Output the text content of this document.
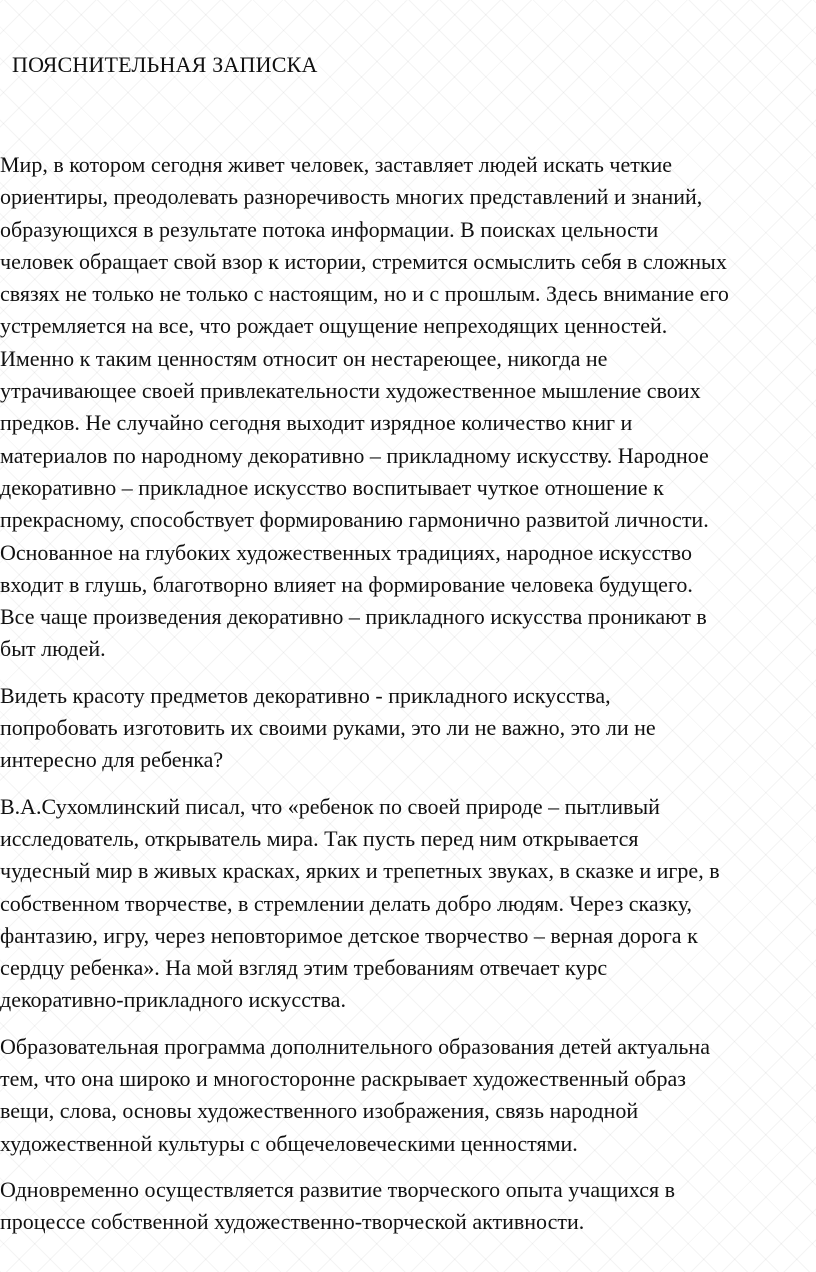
ПОЯСНИТЕЛЬНАЯ ЗАПИСКА

Мир, в котором сегодня живет человек, заставляет людей искать четкие
ориентиры, преодолевать разноречивость многих представлений и знаний,
образующихся в результате потока информации. В поисках цельности
человек обращает свой взор к истории, стремится осмыслить себя в сложных
связях не только не только с настоящим, но и с прошлым. Здесь внимание его
устремляется на все, что рождает ощущение непреходящих ценностей.
Именно к таким ценностям относит он нестареющее, никогда не
утрачивающее своей привлекательности художественное мышление своих
предков. Не случайно сегодня выходит изрядное количество книг и
материалов по народному декоративно – прикладному искусству. Народное
декоративно – прикладное искусство воспитывает чуткое отношение к
прекрасному, способствует формированию гармонично развитой личности.
Основанное на глубоких художественных традициях, народное искусство
входит в глушь, благотворно влияет на формирование человека будущего.
Все чаще произведения декоративно – прикладного искусства проникают в
быт людей.

Видеть красоту предметов декоративно - прикладного искусства,
попробовать изготовить их своими руками, это ли не важно, это ли не
интересно для ребенка?

В.А.Сухомлинский писал, что «ребенок по своей природе – пытливый
исследователь, открыватель мира. Так пусть перед ним открывается
чудесный мир в живых красках, ярких и трепетных звуках, в сказке и игре, в
собственном творчестве, в стремлении делать добро людям. Через сказку,
фантазию, игру, через неповторимое детское творчество – верная дорога к
сердцу ребенка». На мой взгляд этим требованиям отвечает курс
декоративно-прикладного искусства.

Образовательная программа дополнительного образования детей актуальна
тем, что она широко и многосторонне раскрывает художественный образ
вещи, слова, основы художественного изображения, связь народной
художественной культуры с общечеловеческими ценностями.

Одновременно осуществляется развитие творческого опыта учащихся в
процессе собственной художественно-творческой активности.
